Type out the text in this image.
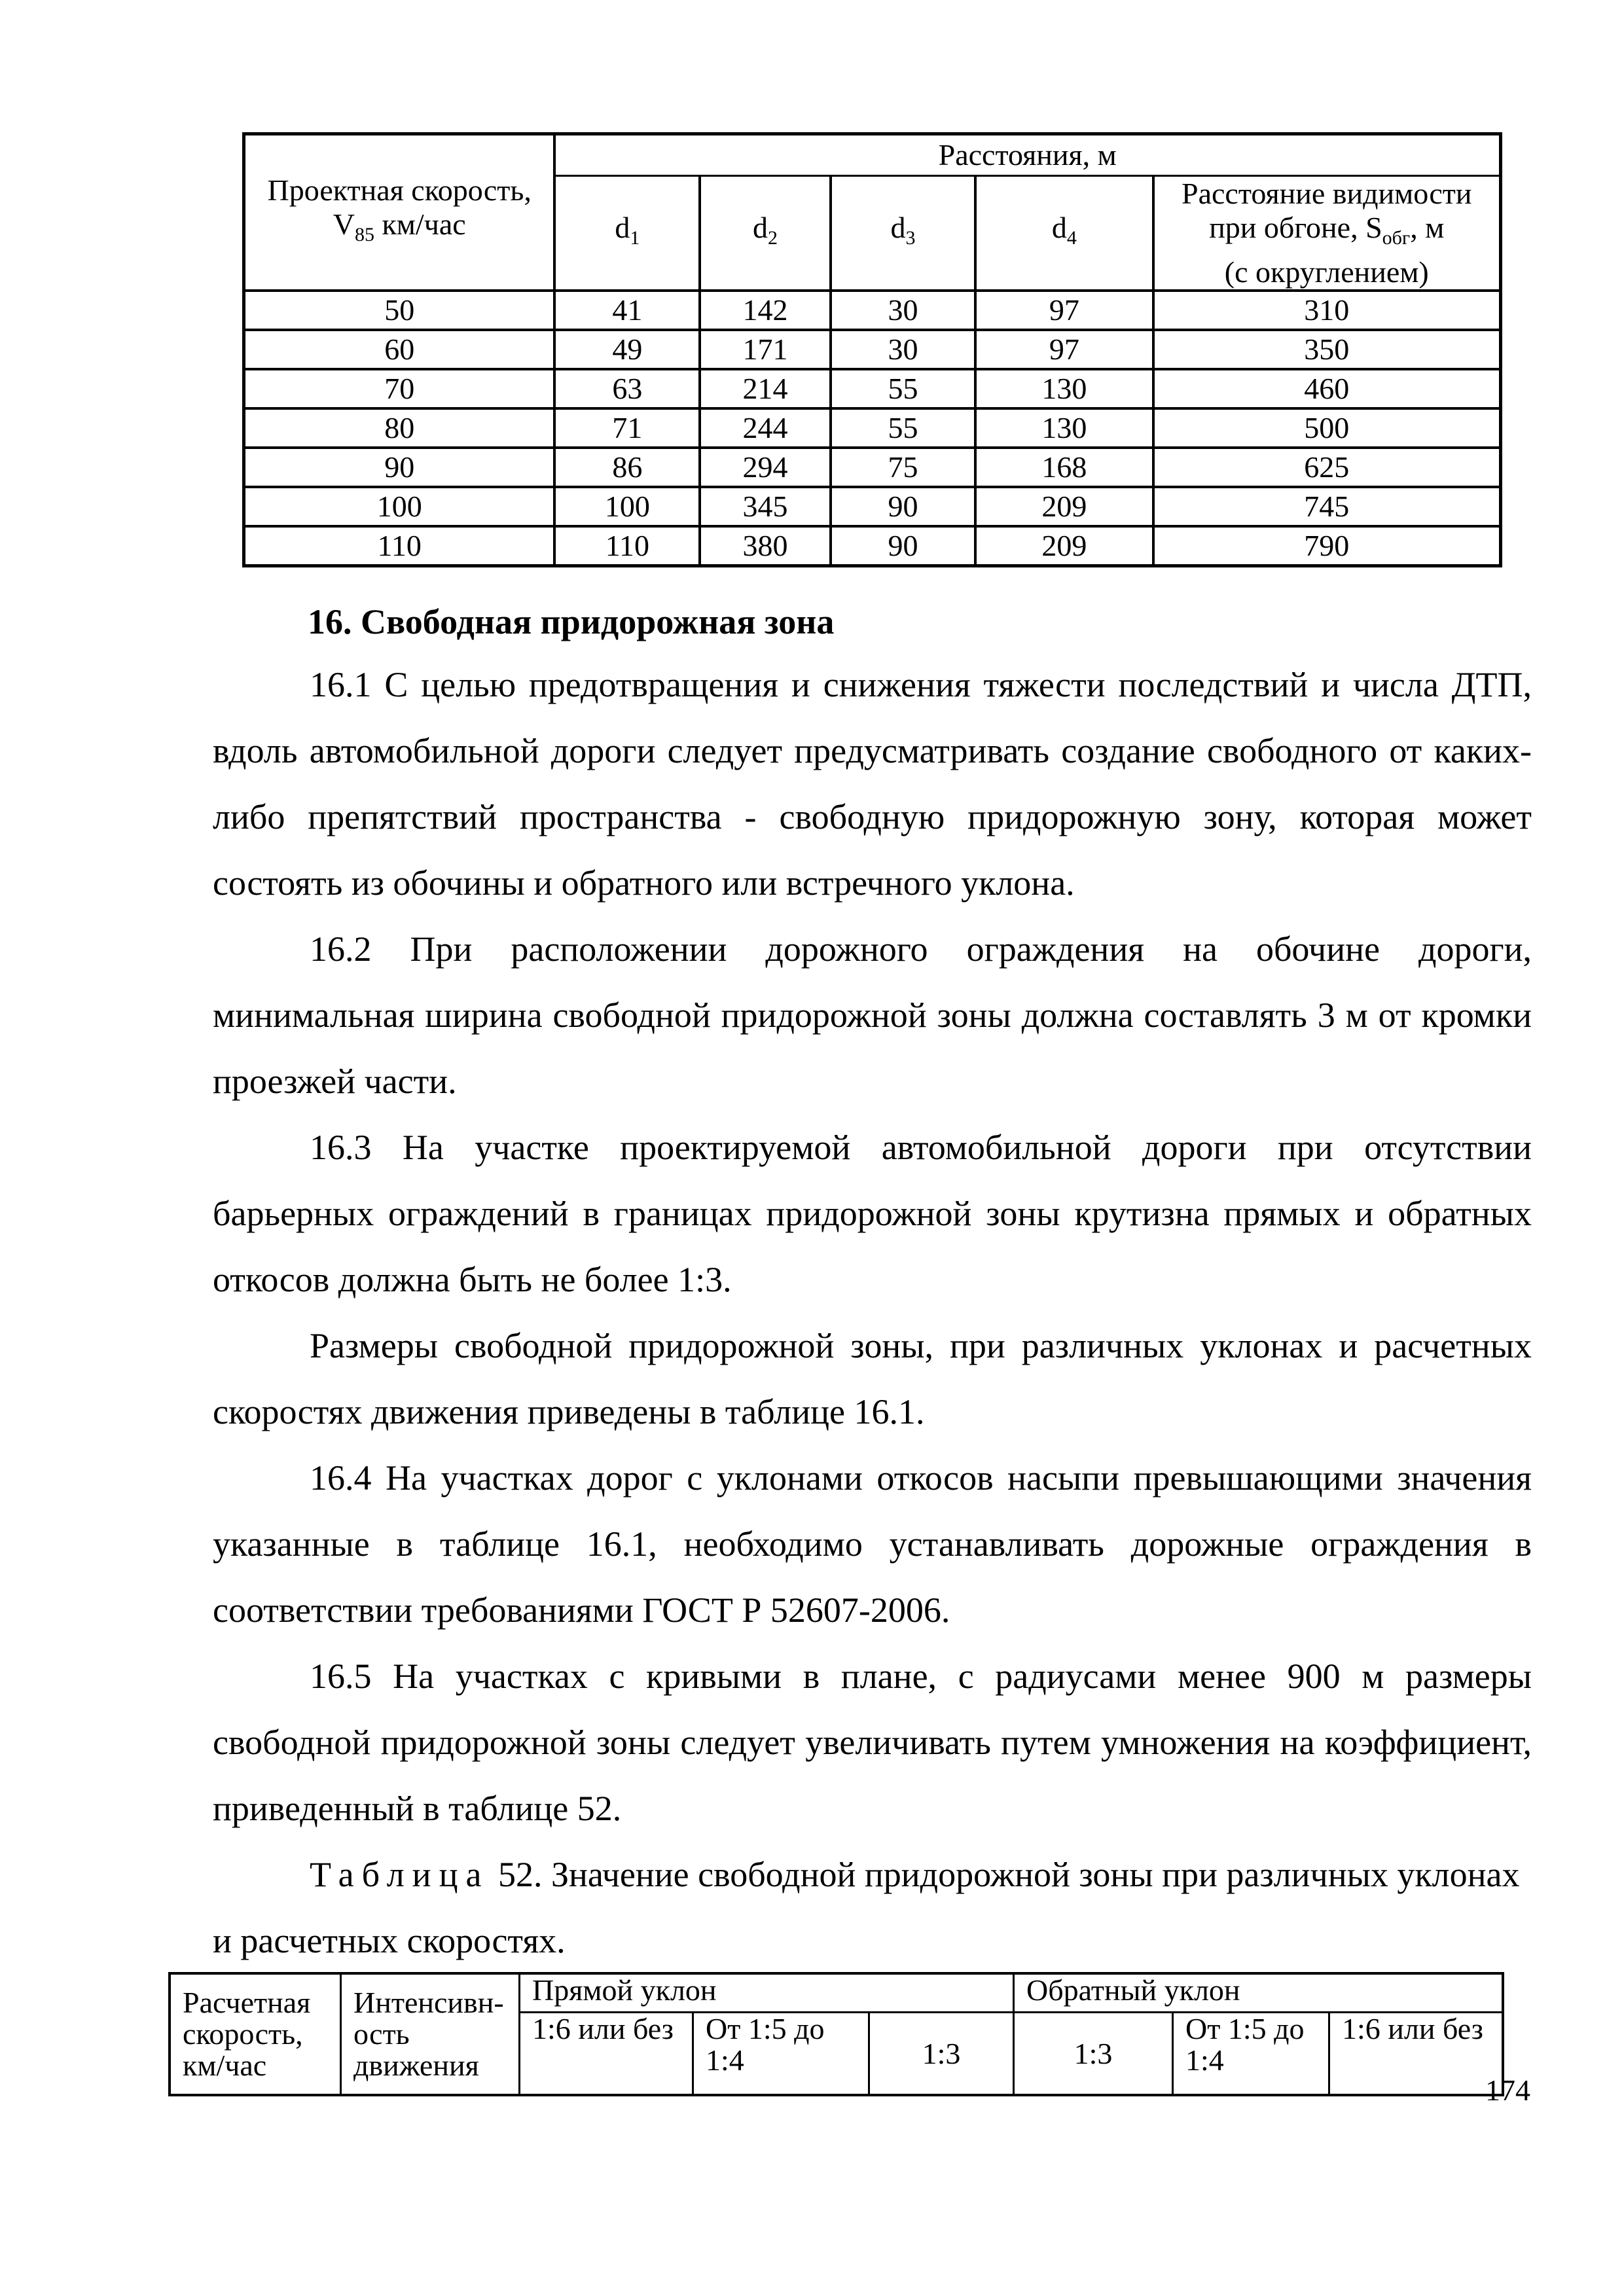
Проектная скорость,
$V_{85}$ км/час	Расстояния, м				
	$d_1$	$d_2$	$d_3$	$d_4$	Расстояние видимости
при обгоне, $S_{обг}$, м
(с округлением)

50	41	142	30	97	310
60	49	171	30	97	350
70	63	214	55	130	460
80	71	244	55	130	500
90	86	294	75	168	625
100	100	345	90	209	745
110	110	380	90	209	790
16. Свободная придорожная зона
16.1 С целью предотвращения и снижения тяжести последствий и числа ДТП, вдоль автомобильной дороги следует предусматривать создание свободного от каких-либо препятствий пространства - свободную придорожную зону, которая может состоять из обочины и обратного или встречного уклона.
16.2 При расположении дорожного ограждения на обочине дороги, минимальная ширина свободной придорожной зоны должна составлять 3 м от кромки проезжей части.
16.3 На участке проектируемой автомобильной дороги при отсутствии барьерных ограждений в границах придорожной зоны крутизна прямых и обратных откосов должна быть не более 1:3.
Размеры свободной придорожной зоны, при различных уклонах и расчетных скоростях движения приведены в таблице 16.1.
16.4 На участках дорог с уклонами откосов насыпи превышающими значения указанные в таблице 16.1, необходимо устанавливать дорожные ограждения в соответствии требованиями ГОСТ Р 52607-2006.
16.5 На участках с кривыми в плане, с радиусами менее 900 м размеры свободной придорожной зоны следует увеличивать путем умножения на коэффициент, приведенный в таблице 52.
Таблица 52. Значение свободной придорожной зоны при различных уклонах и расчетных скоростях.
Расчетная скорость, км/час	Интенсивн-ость движения	Прямой уклон			Обратный уклон		
		1:6 или без	От 1:5 до 1:4	1:3	1:3	От 1:5 до 1:4	1:6 или без
174
